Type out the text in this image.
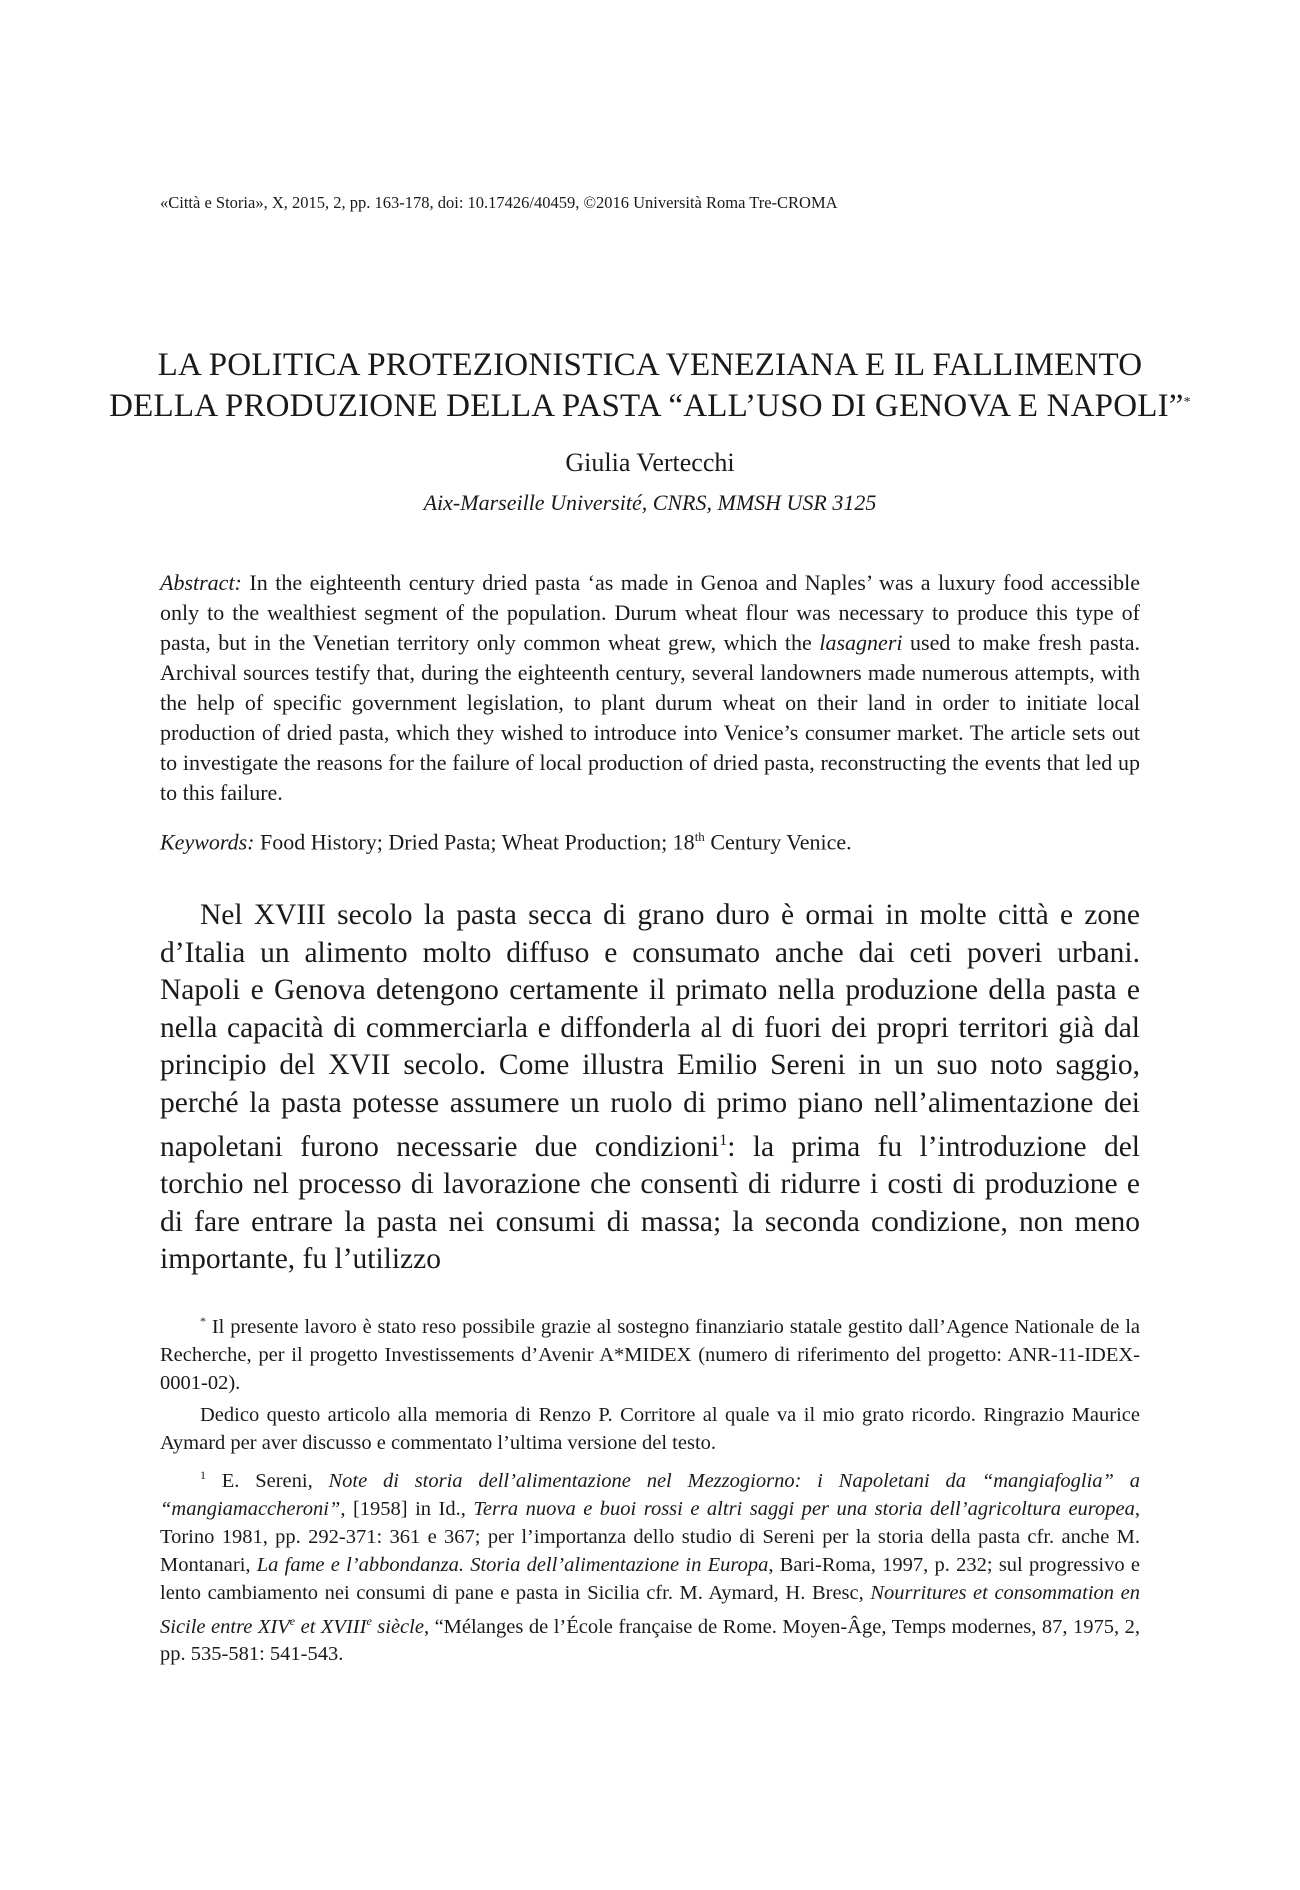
«Città e Storia», X, 2015, 2, pp. 163-178, doi: 10.17426/40459, ©2016 Università Roma Tre-CROMA
LA POLITICA PROTEZIONISTICA VENEZIANA E IL FALLIMENTO
DELLA PRODUZIONE DELLA PASTA “ALL’USO DI GENOVA E NAPOLI”*
Giulia Vertecchi
Aix-Marseille Université, CNRS, MMSH USR 3125
Abstract: In the eighteenth century dried pasta ‘as made in Genoa and Naples’ was a luxury food accessible only to the wealthiest segment of the population. Durum wheat flour was necessary to produce this type of pasta, but in the Venetian territory only common wheat grew, which the lasagneri used to make fresh pasta. Archival sources testify that, during the eighteenth century, several landowners made numerous attempts, with the help of specific government legislation, to plant durum wheat on their land in order to initiate local production of dried pasta, which they wished to introduce into Venice’s consumer market. The article sets out to investigate the reasons for the failure of local production of dried pasta, reconstructing the events that led up to this failure.
Keywords: Food History; Dried Pasta; Wheat Production; 18th Century Venice.
Nel XVIII secolo la pasta secca di grano duro è ormai in molte città e zone d’Italia un alimento molto diffuso e consumato anche dai ceti poveri urbani. Napoli e Genova detengono certamente il primato nella produzione della pasta e nella capacità di commerciarla e diffonderla al di fuori dei propri territori già dal principio del XVII secolo. Come illustra Emilio Sereni in un suo noto saggio, perché la pasta potesse assumere un ruolo di primo piano nell’alimentazione dei napoletani furono necessarie due condizioni$^1$: la prima fu l’introduzione del torchio nel processo di lavorazione che consentì di ridurre i costi di produzione e di fare entrare la pasta nei consumi di massa; la seconda condizione, non meno importante, fu l’utilizzo

* Il presente lavoro è stato reso possibile grazie al sostegno finanziario statale gestito dall’Agence Nationale de la Recherche, per il progetto Investissements d’Avenir A*MIDEX (numero di riferimento del progetto: ANR-11-IDEX-0001-02).

Dedico questo articolo alla memoria di Renzo P. Corritore al quale va il mio grato ricordo. Ringrazio Maurice Aymard per aver discusso e commentato l’ultima versione del testo.

$^1$ E. Sereni, Note di storia dell’alimentazione nel Mezzogiorno: i Napoletani da “mangiafoglia” a “mangiamaccheroni”, [1958] in Id., Terra nuova e buoi rossi e altri saggi per una storia dell’agricoltura europea, Torino 1981, pp. 292-371: 361 e 367; per l’importanza dello studio di Sereni per la storia della pasta cfr. anche M. Montanari, La fame e l’abbondanza. Storia dell’alimentazione in Europa, Bari-Roma, 1997, p. 232; sul progressivo e lento cambiamento nei consumi di pane e pasta in Sicilia cfr. M. Aymard, H. Bresc, Nourritures et consommation en Sicile entre XIVe et XVIIIe siècle, “Mélanges de l’École française de Rome. Moyen-Âge, Temps modernes, 87, 1975, 2, pp. 535-581: 541-543.
